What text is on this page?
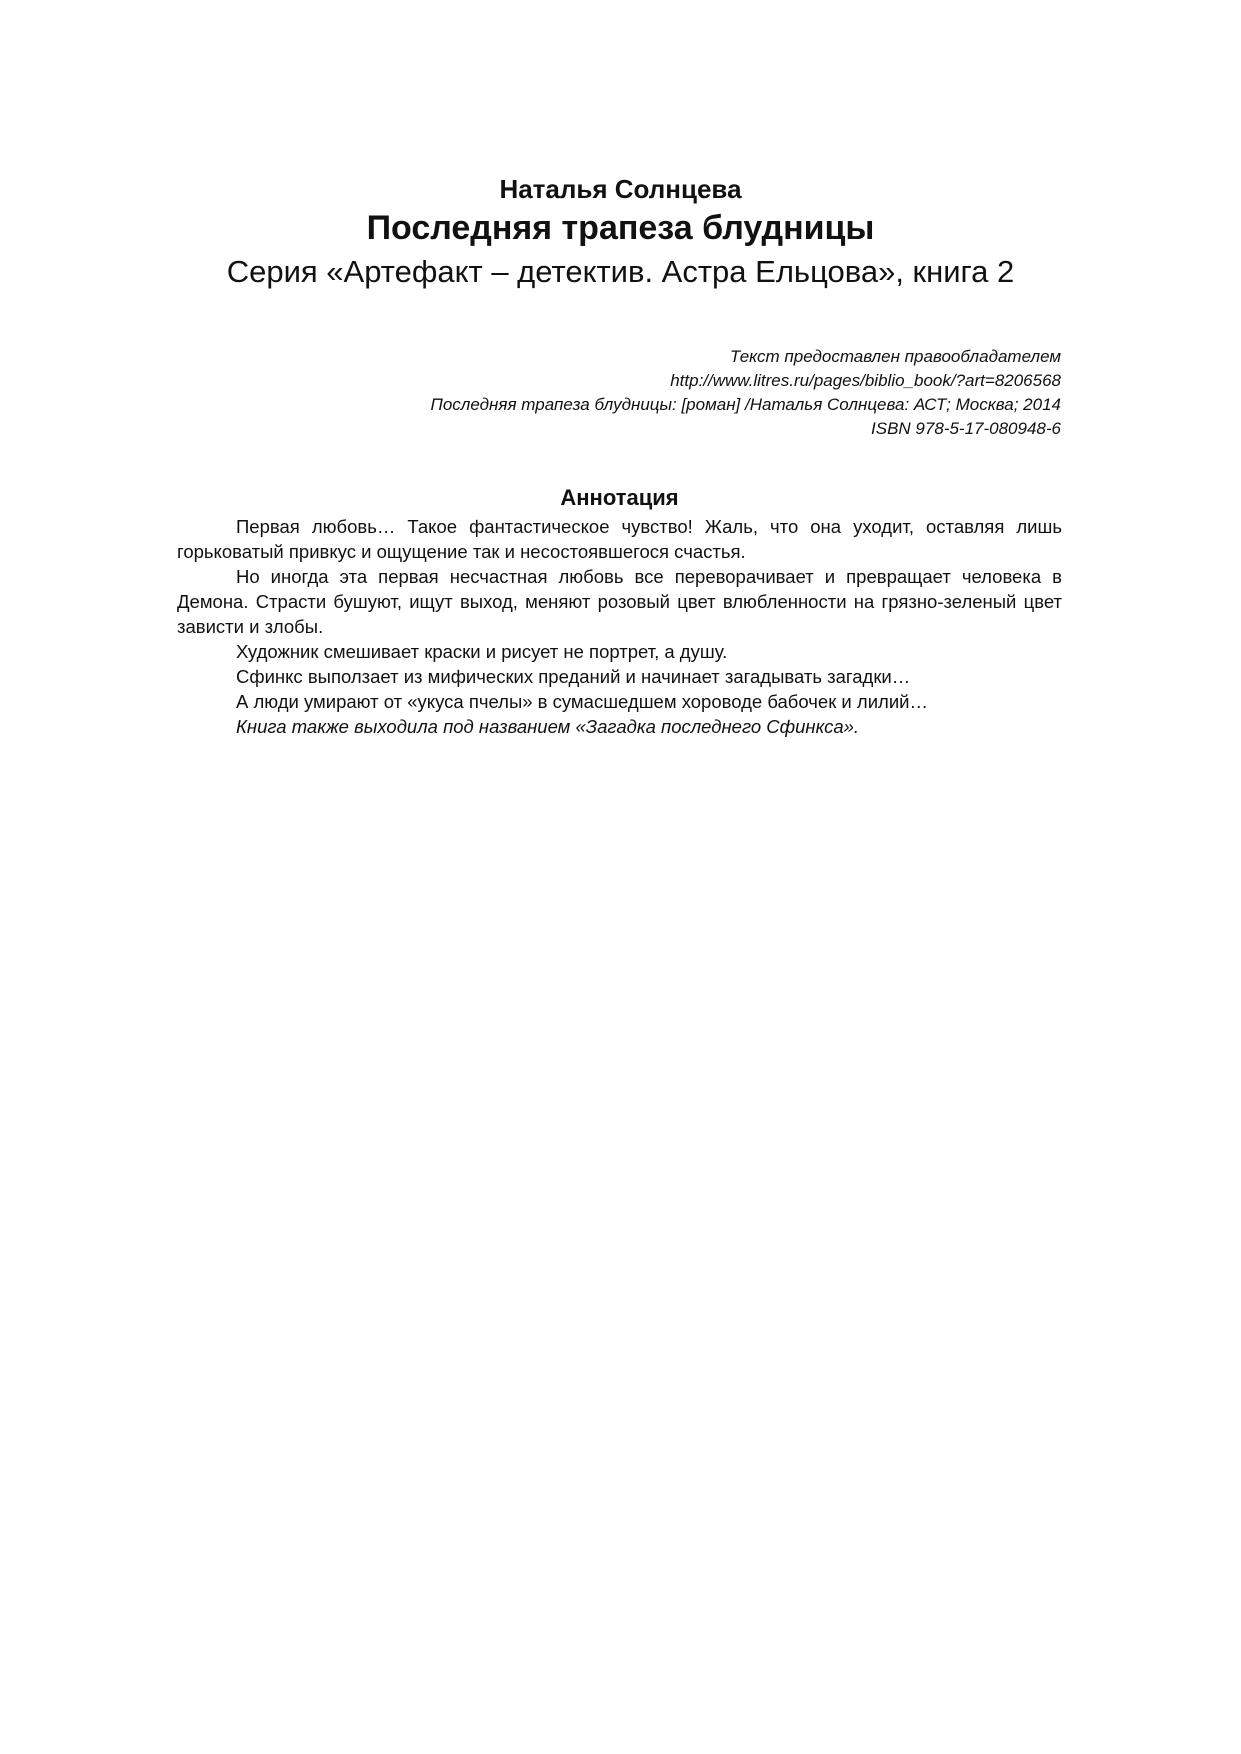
Наталья Солнцева
Последняя трапеза блудницы
Серия «Артефакт – детектив. Астра Ельцова», книга 2
Текст предоставлен правообладателем
http://www.litres.ru/pages/biblio_book/?art=8206568
Последняя трапеза блудницы: [роман] /Наталья Солнцева: АСТ; Москва; 2014
ISBN 978-5-17-080948-6
Аннотация

Первая любовь… Такое фантастическое чувство! Жаль, что она уходит, оставляя лишь горьковатый привкус и ощущение так и несостоявшегося счастья.

Но иногда эта первая несчастная любовь все переворачивает и превращает человека в Демона. Страсти бушуют, ищут выход, меняют розовый цвет влюбленности на грязно-зеленый цвет зависти и злобы.

Художник смешивает краски и рисует не портрет, а душу.

Сфинкс выползает из мифических преданий и начинает загадывать загадки…

А люди умирают от «укуса пчелы» в сумасшедшем хороводе бабочек и лилий…

Книга также выходила под названием «Загадка последнего Сфинкса».
